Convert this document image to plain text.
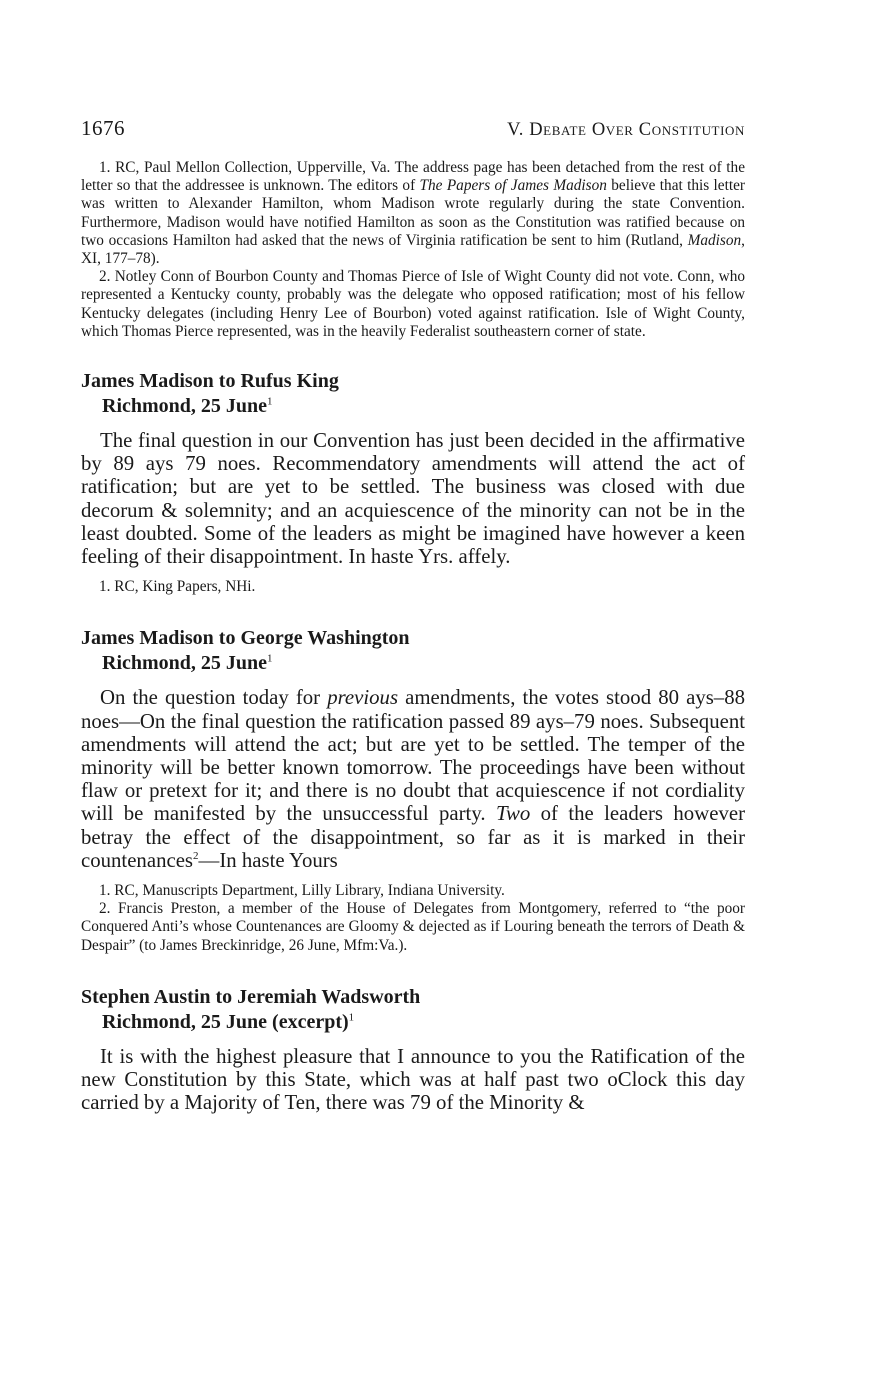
1676	V. Debate Over Constitution

1. RC, Paul Mellon Collection, Upperville, Va. The address page has been detached from the rest of the letter so that the addressee is unknown. The editors of The Papers of James Madison believe that this letter was written to Alexander Hamilton, whom Madison wrote regularly during the state Convention. Furthermore, Madison would have notified Hamilton as soon as the Constitution was ratified because on two occasions Hamilton had asked that the news of Virginia ratification be sent to him (Rutland, Madison, XI, 177–78).

2. Notley Conn of Bourbon County and Thomas Pierce of Isle of Wight County did not vote. Conn, who represented a Kentucky county, probably was the delegate who opposed ratification; most of his fellow Kentucky delegates (including Henry Lee of Bourbon) voted against ratification. Isle of Wight County, which Thomas Pierce represented, was in the heavily Federalist southeastern corner of state.

James Madison to Rufus King
Richmond, 25 June$^1$

The final question in our Convention has just been decided in the affirmative by 89 ays 79 noes. Recommendatory amendments will attend the act of ratification; but are yet to be settled. The business was closed with due decorum & solemnity; and an acquiescence of the minority can not be in the least doubted. Some of the leaders as might be imagined have however a keen feeling of their disappointment. In haste Yrs. affely.

1. RC, King Papers, NHi.

James Madison to George Washington
Richmond, 25 June$^1$

On the question today for previous amendments, the votes stood 80 ays–88 noes—On the final question the ratification passed 89 ays–79 noes. Subsequent amendments will attend the act; but are yet to be settled. The temper of the minority will be better known tomorrow. The proceedings have been without flaw or pretext for it; and there is no doubt that acquiescence if not cordiality will be manifested by the unsuccessful party. Two of the leaders however betray the effect of the disappointment, so far as it is marked in their countenances$^2$—In haste Yours

1. RC, Manuscripts Department, Lilly Library, Indiana University.

2. Francis Preston, a member of the House of Delegates from Montgomery, referred to “the poor Conquered Anti’s whose Countenances are Gloomy & dejected as if Louring beneath the terrors of Death & Despair” (to James Breckinridge, 26 June, Mfm:Va.).

Stephen Austin to Jeremiah Wadsworth
Richmond, 25 June (excerpt)$^1$

It is with the highest pleasure that I announce to you the Ratification of the new Constitution by this State, which was at half past two oClock this day carried by a Majority of Ten, there was 79 of the Minority &
